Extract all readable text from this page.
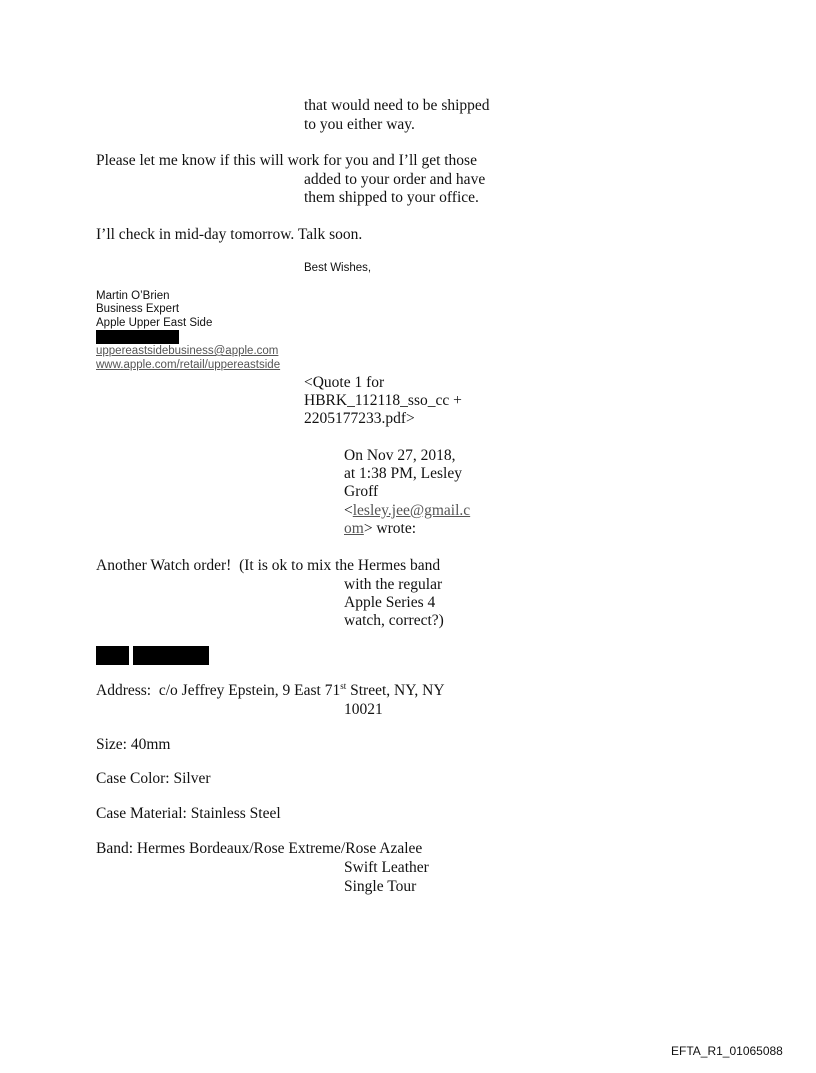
that would need to be shipped
to you either way.
Please let me know if this will work for you and I’ll get those
added to your order and have
them shipped to your office.
I’ll check in mid-day tomorrow. Talk soon.
Best Wishes,
Martin O’Brien
Business Expert
Apple Upper East Side
uppereastsidebusiness@apple.com
www.apple.com/retail/uppereastside
<Quote 1 for
HBRK_112118_sso_cc +
2205177233.pdf>
On Nov 27, 2018,
at 1:38 PM, Lesley
Groff
<lesley.jee@gmail.c
om> wrote:
Another Watch order!  (It is ok to mix the Hermes band
with the regular
Apple Series 4
watch, correct?)
Address:  c/o Jeffrey Epstein, 9 East 71st Street, NY, NY
10021
Size: 40mm
Case Color: Silver
Case Material: Stainless Steel
Band: Hermes Bordeaux/Rose Extreme/Rose Azalee
Swift Leather
Single Tour
EFTA_R1_01065088
